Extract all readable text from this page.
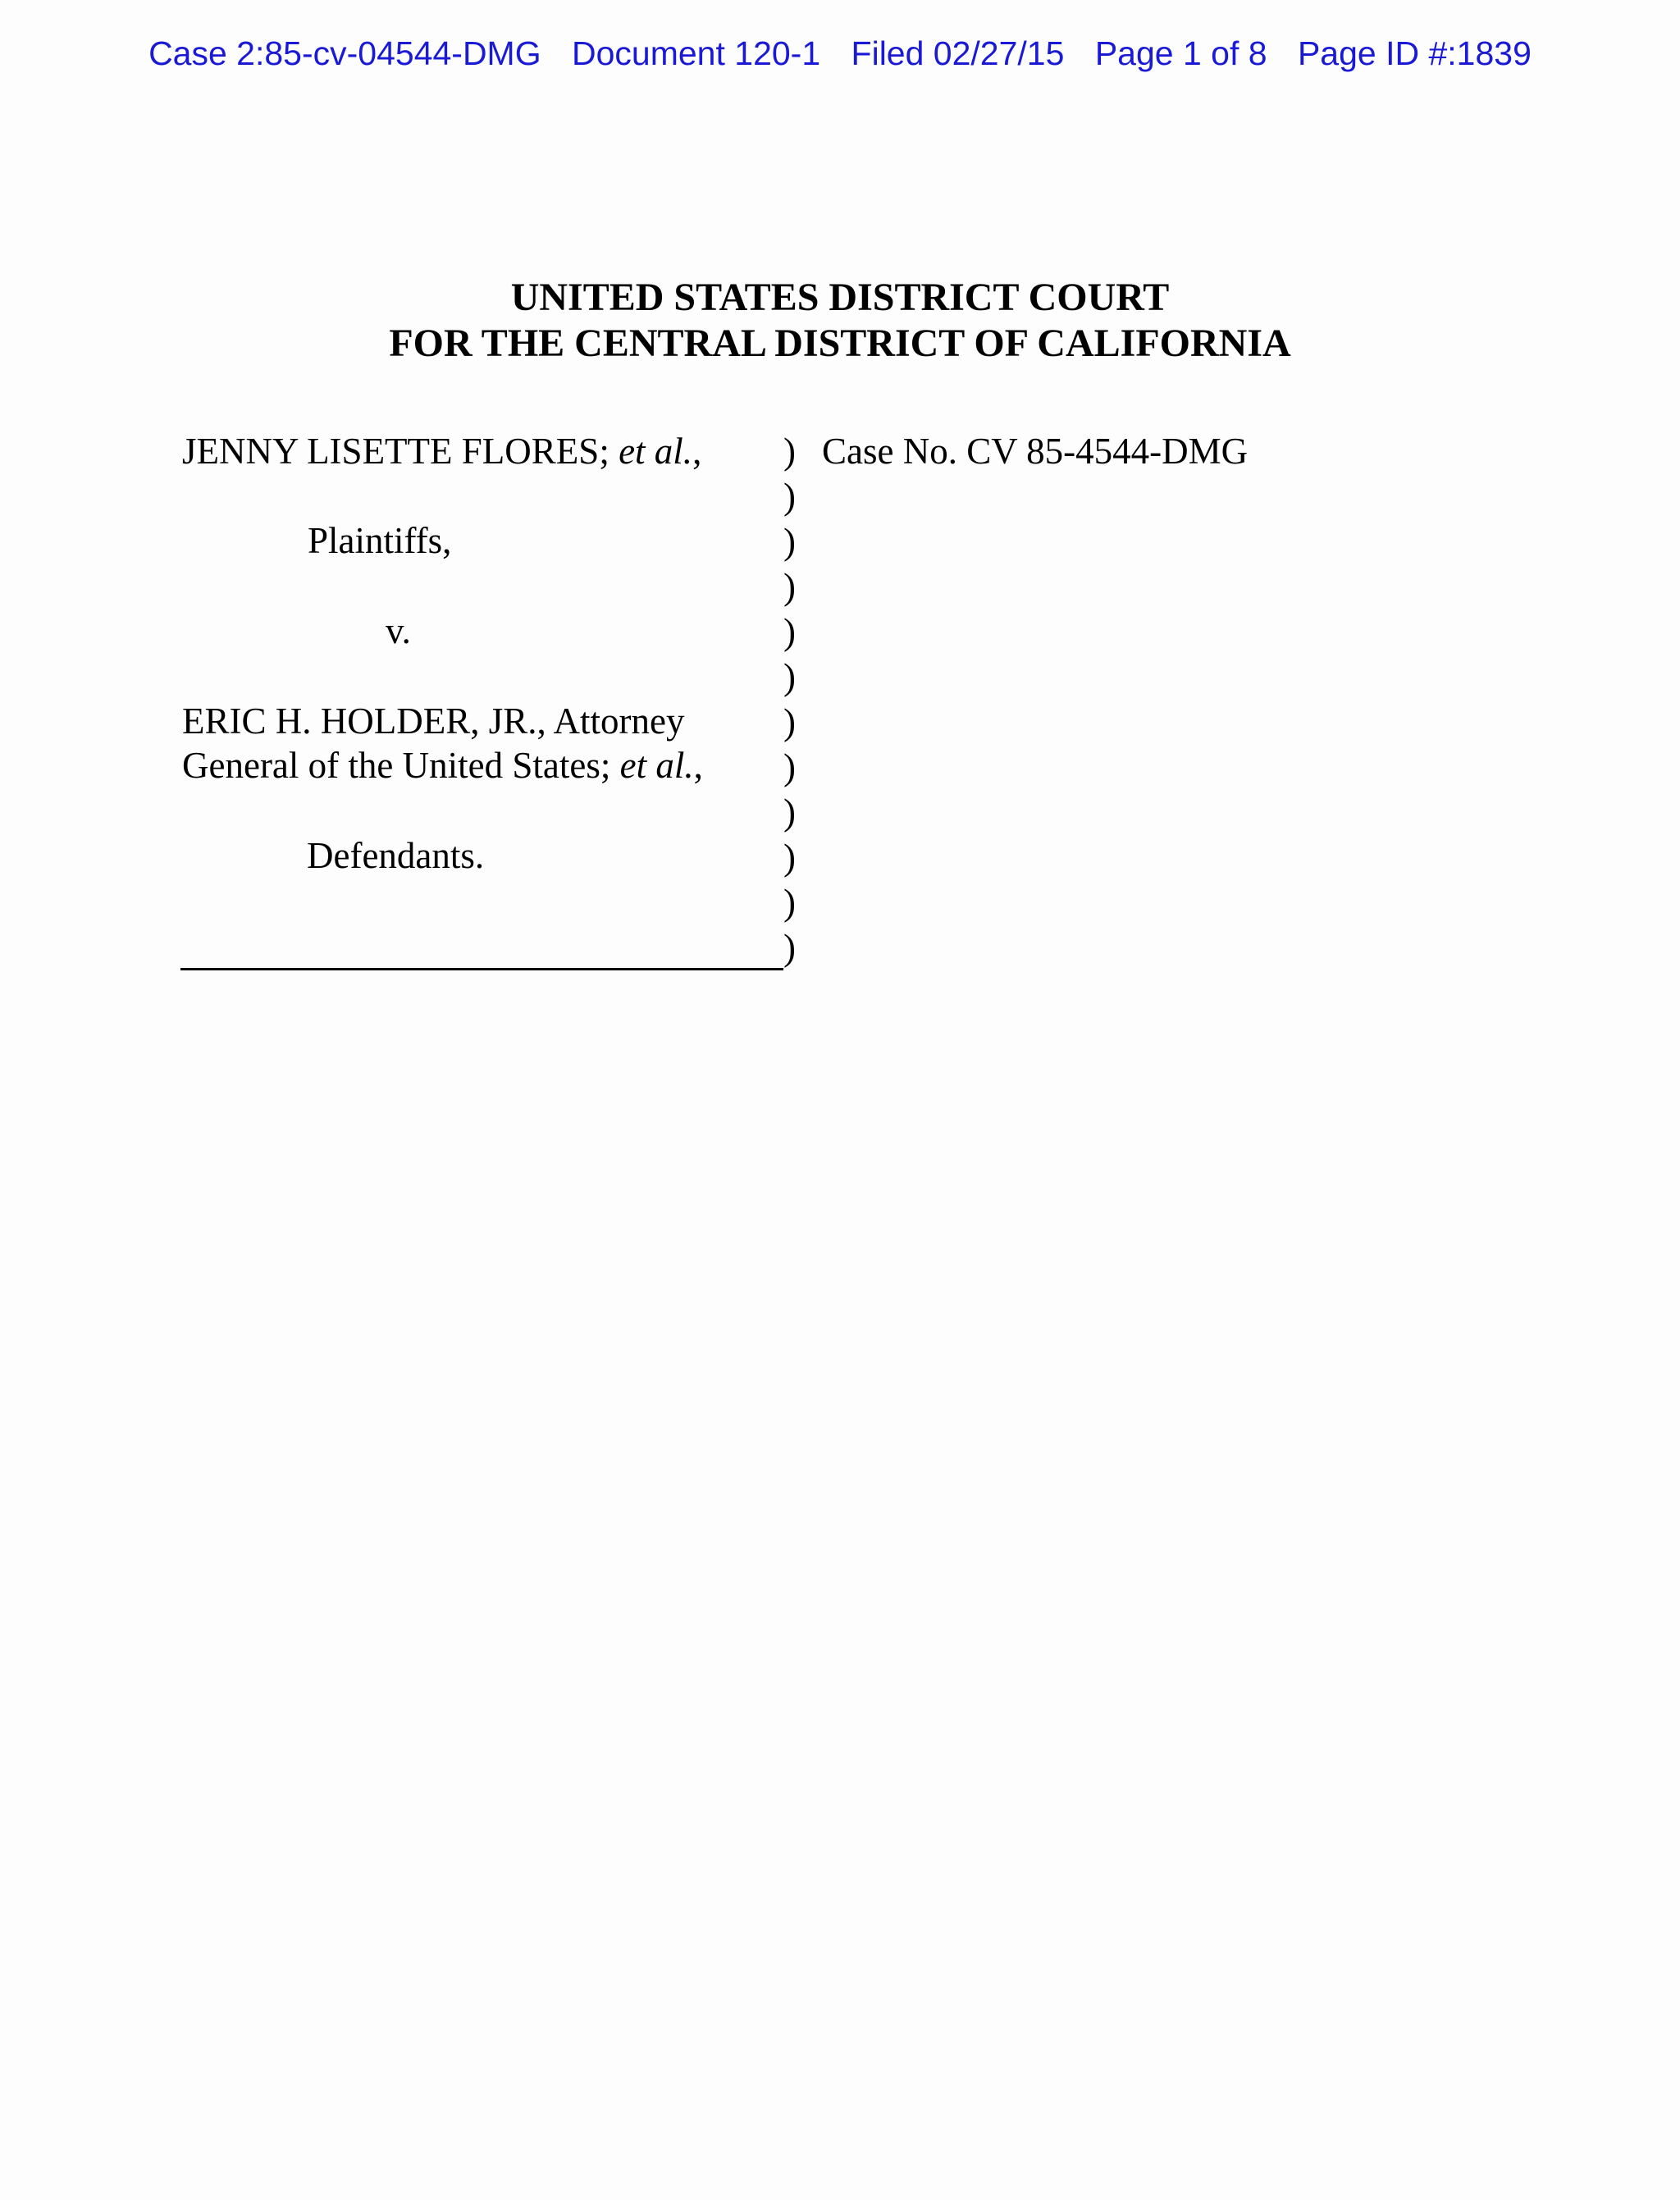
Case 2:85-cv-04544-DMG Document 120-1 Filed 02/27/15 Page 1 of 8 Page ID #:1839
UNITED STATES DISTRICT COURT
FOR THE CENTRAL DISTRICT OF CALIFORNIA
JENNY LISETTE FLORES; et al.,
Plaintiffs,
v.
ERIC H. HOLDER, JR., Attorney
General of the United States; et al.,
Defendants.
)
)
)
)
)
)
)
)
)
)
)
)
Case No. CV 85-4544-DMG
